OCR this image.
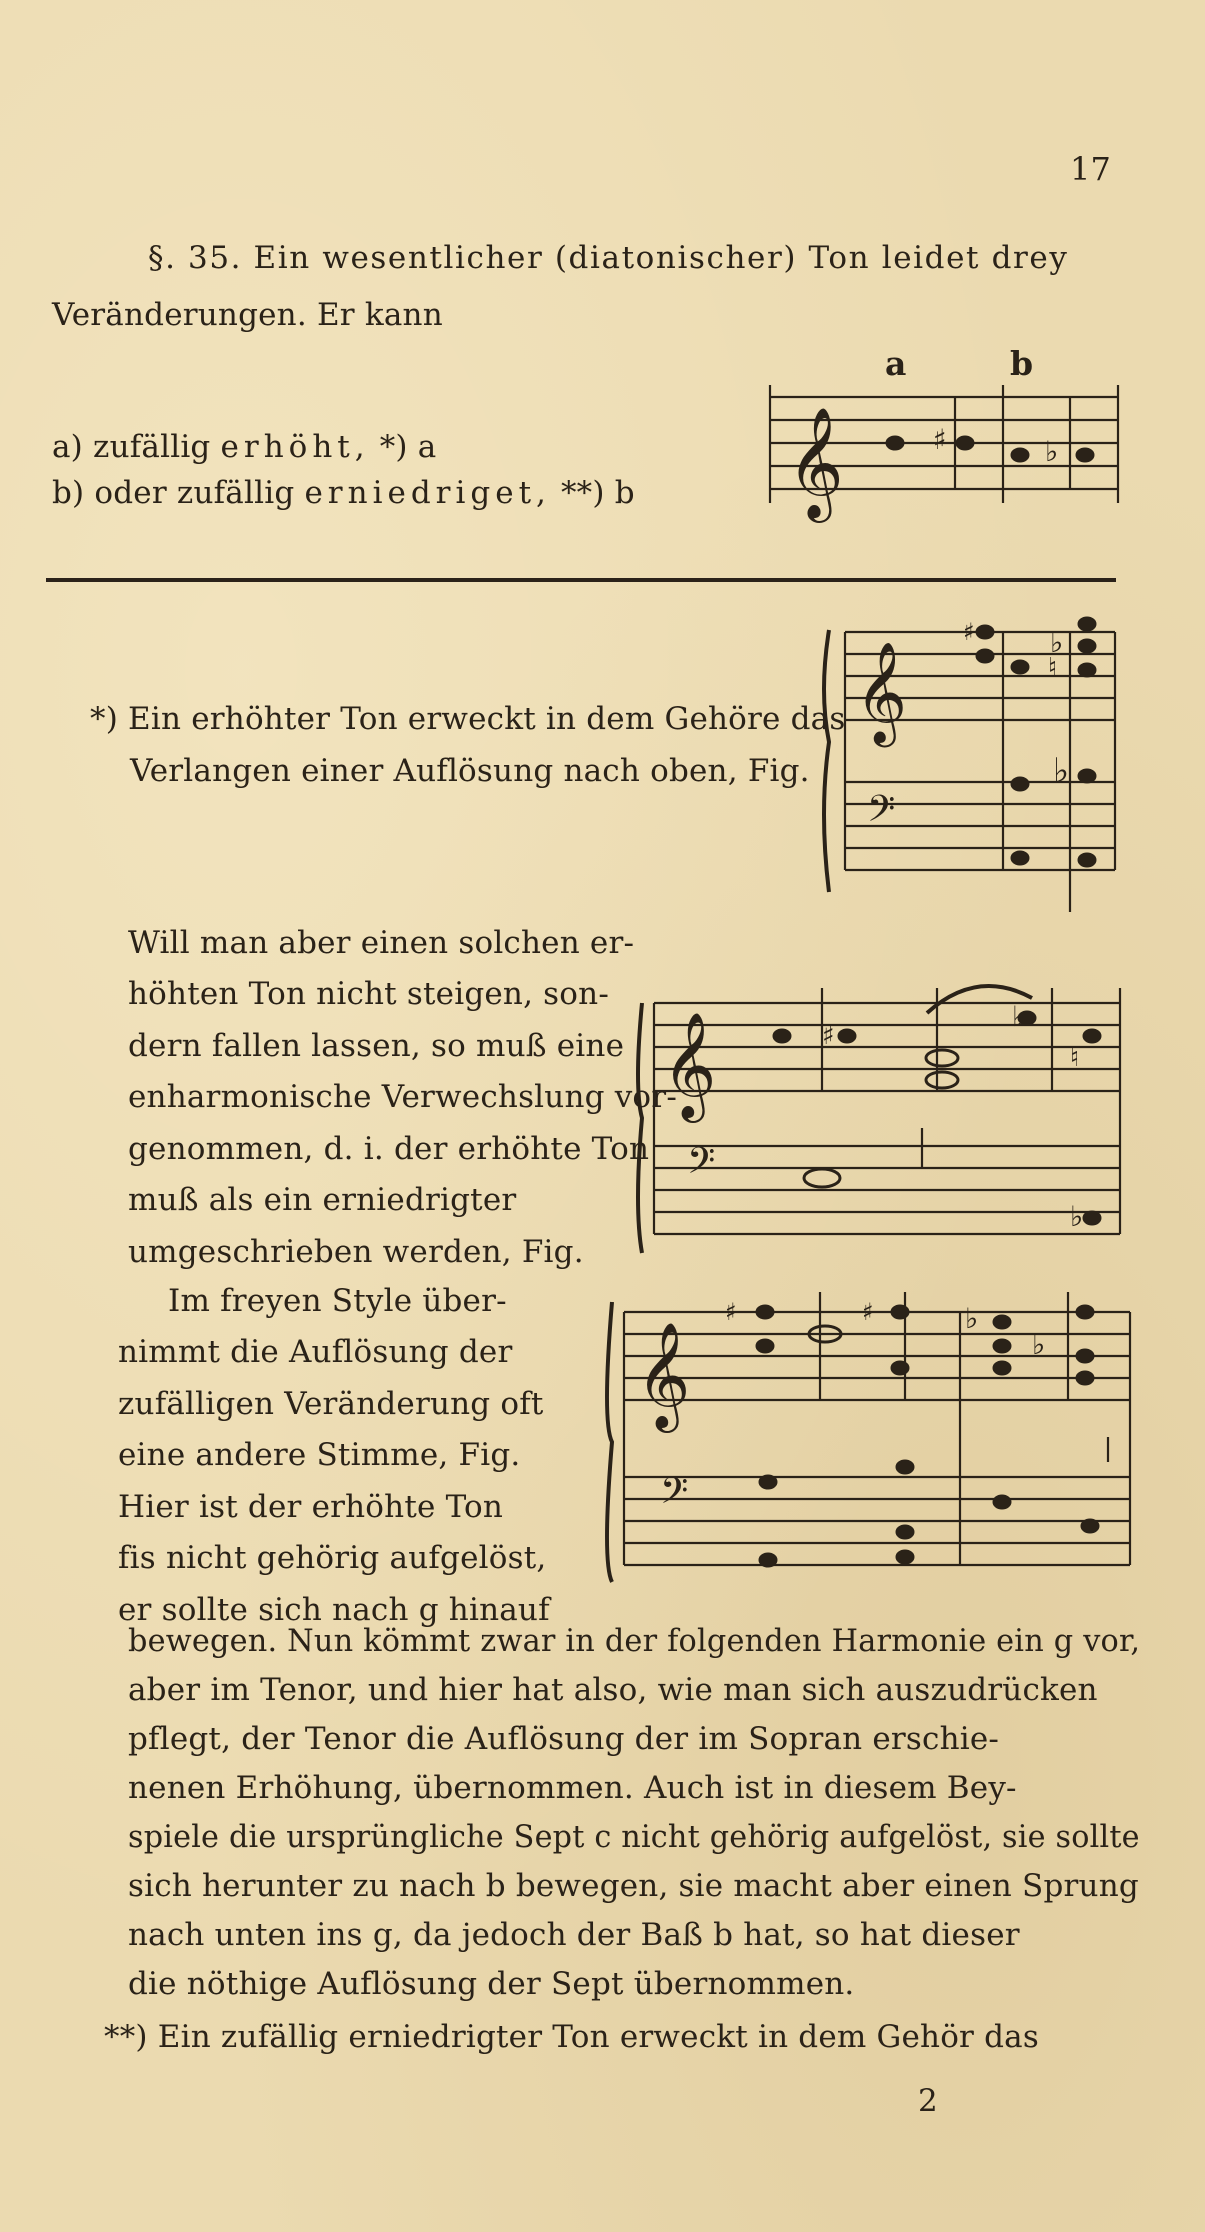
17
§. 35. Ein wesentlicher (diatonischer) Ton leidet drey
Veränderungen. Er kann
a) zufällig erhöht, *) a
b) oder zufällig erniedriget, **) b
a	b
𝄞	♯	♭
*) Ein erhöhter Ton erweckt in dem Gehöre das
Verlangen einer Auflösung nach oben, Fig.
𝄞
𝄢
♯	♭
♮
♭
Will man aber einen solchen er-
höhten Ton nicht steigen, son-
dern fallen lassen, so muß eine
enharmonische Verwechslung vor-
genommen, d. i. der erhöhte Ton
muß als ein erniedrigter
umgeschrieben werden, Fig.
𝄞
𝄢
♯
♭
♮
♭
Im freyen Style über-
nimmt die Auflösung der
zufälligen Veränderung oft
eine andere Stimme, Fig.
Hier ist der erhöhte Ton
fis nicht gehörig aufgelöst,
er sollte sich nach g hinauf
𝄞
𝄢
♯	♯	♭
♭
bewegen. Nun kömmt zwar in der folgenden Harmonie ein g vor,
aber im Tenor, und hier hat also, wie man sich auszudrücken
pflegt, der Tenor die Auflösung der im Sopran erschie-
nenen Erhöhung, übernommen. Auch ist in diesem Bey-
spiele die ursprüngliche Sept c nicht gehörig aufgelöst, sie sollte
sich herunter zu nach b bewegen, sie macht aber einen Sprung
nach unten ins g, da jedoch der Baß b hat, so hat dieser
die nöthige Auflösung der Sept übernommen.
**) Ein zufällig erniedrigter Ton erweckt in dem Gehör das
2
